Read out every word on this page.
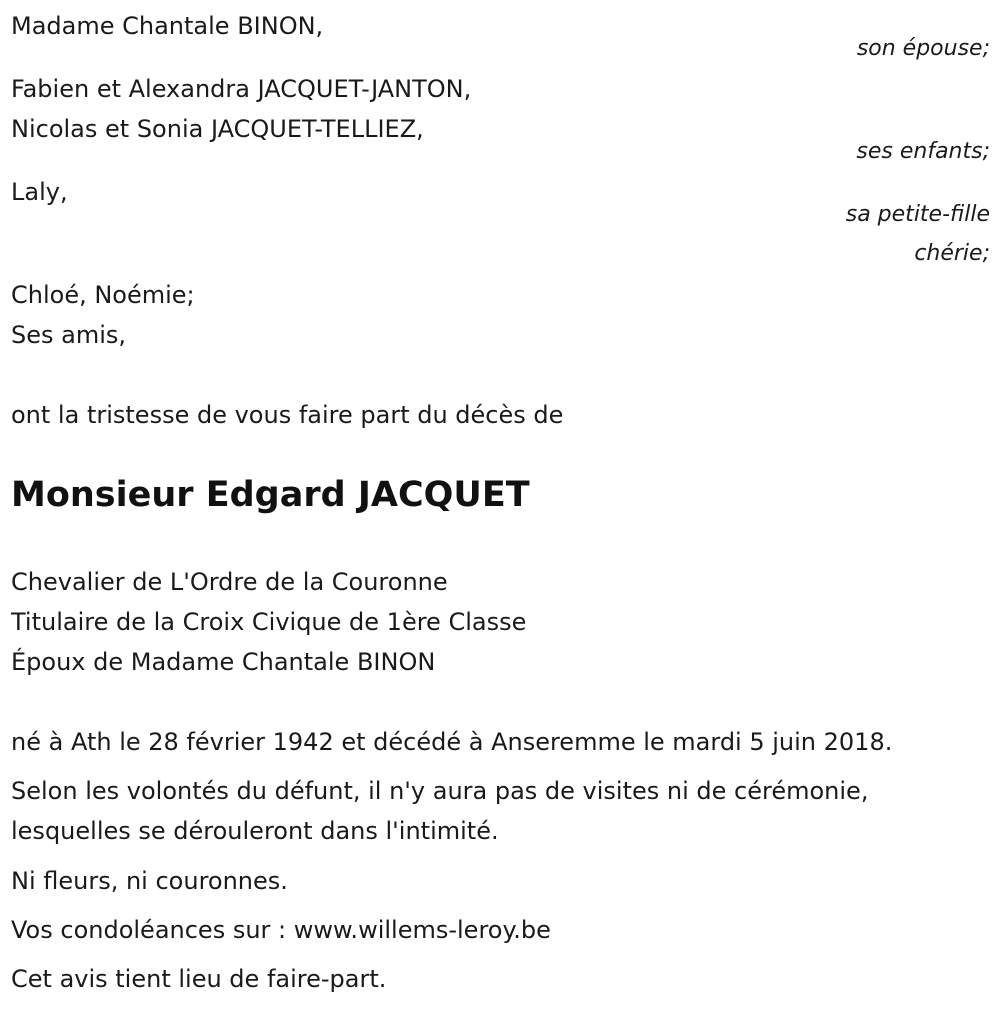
Madame Chantale BINON,
son épouse;
Fabien et Alexandra JACQUET-JANTON,
Nicolas et Sonia JACQUET-TELLIEZ,
ses enfants;
Laly,
sa petite-fille
chérie;
Chloé, Noémie;
Ses amis,
ont la tristesse de vous faire part du décès de
Monsieur Edgard JACQUET
Chevalier de L'Ordre de la Couronne
Titulaire de la Croix Civique de 1ère Classe
Époux de Madame Chantale BINON
né à Ath le 28 février 1942 et décédé à Anseremme le mardi 5 juin 2018.
Selon les volontés du défunt, il n'y aura pas de visites ni de cérémonie,
lesquelles se dérouleront dans l'intimité.
Ni fleurs, ni couronnes.
Vos condoléances sur : www.willems-leroy.be
Cet avis tient lieu de faire-part.
